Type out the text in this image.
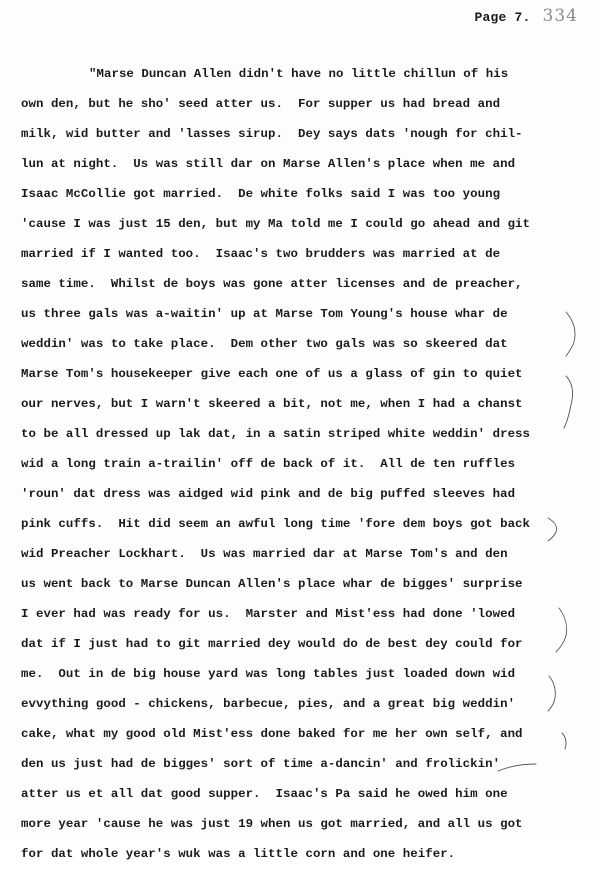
Page 7. 334
"Marse Duncan Allen didn't have no little chillun of his
own den, but he sho' seed atter us.  For supper us had bread and
milk, wid butter and 'lasses sirup.  Dey says dats 'nough for chil-
lun at night.  Us was still dar on Marse Allen's place when me and
Isaac McCollie got married.  De white folks said I was too young
'cause I was just 15 den, but my Ma told me I could go ahead and git
married if I wanted too.  Isaac's two brudders was married at de
same time.  Whilst de boys was gone atter licenses and de preacher,
us three gals was a-waitin' up at Marse Tom Young's house whar de
weddin' was to take place.  Dem other two gals was so skeered dat
Marse Tom's housekeeper give each one of us a glass of gin to quiet
our nerves, but I warn't skeered a bit, not me, when I had a chanst
to be all dressed up lak dat, in a satin striped white weddin' dress
wid a long train a-trailin' off de back of it.  All de ten ruffles
'roun' dat dress was aidged wid pink and de big puffed sleeves had
pink cuffs.  Hit did seem an awful long time 'fore dem boys got back
wid Preacher Lockhart.  Us was married dar at Marse Tom's and den
us went back to Marse Duncan Allen's place whar de bigges' surprise
I ever had was ready for us.  Marster and Mist'ess had done 'lowed
dat if I just had to git married dey would do de best dey could for
me.  Out in de big house yard was long tables just loaded down wid
evvything good - chickens, barbecue, pies, and a great big weddin'
cake, what my good old Mist'ess done baked for me her own self, and
den us just had de bigges' sort of time a-dancin' and frolickin'
atter us et all dat good supper.  Isaac's Pa said he owed him one
more year 'cause he was just 19 when us got married, and all us got
for dat whole year's wuk was a little corn and one heifer.
